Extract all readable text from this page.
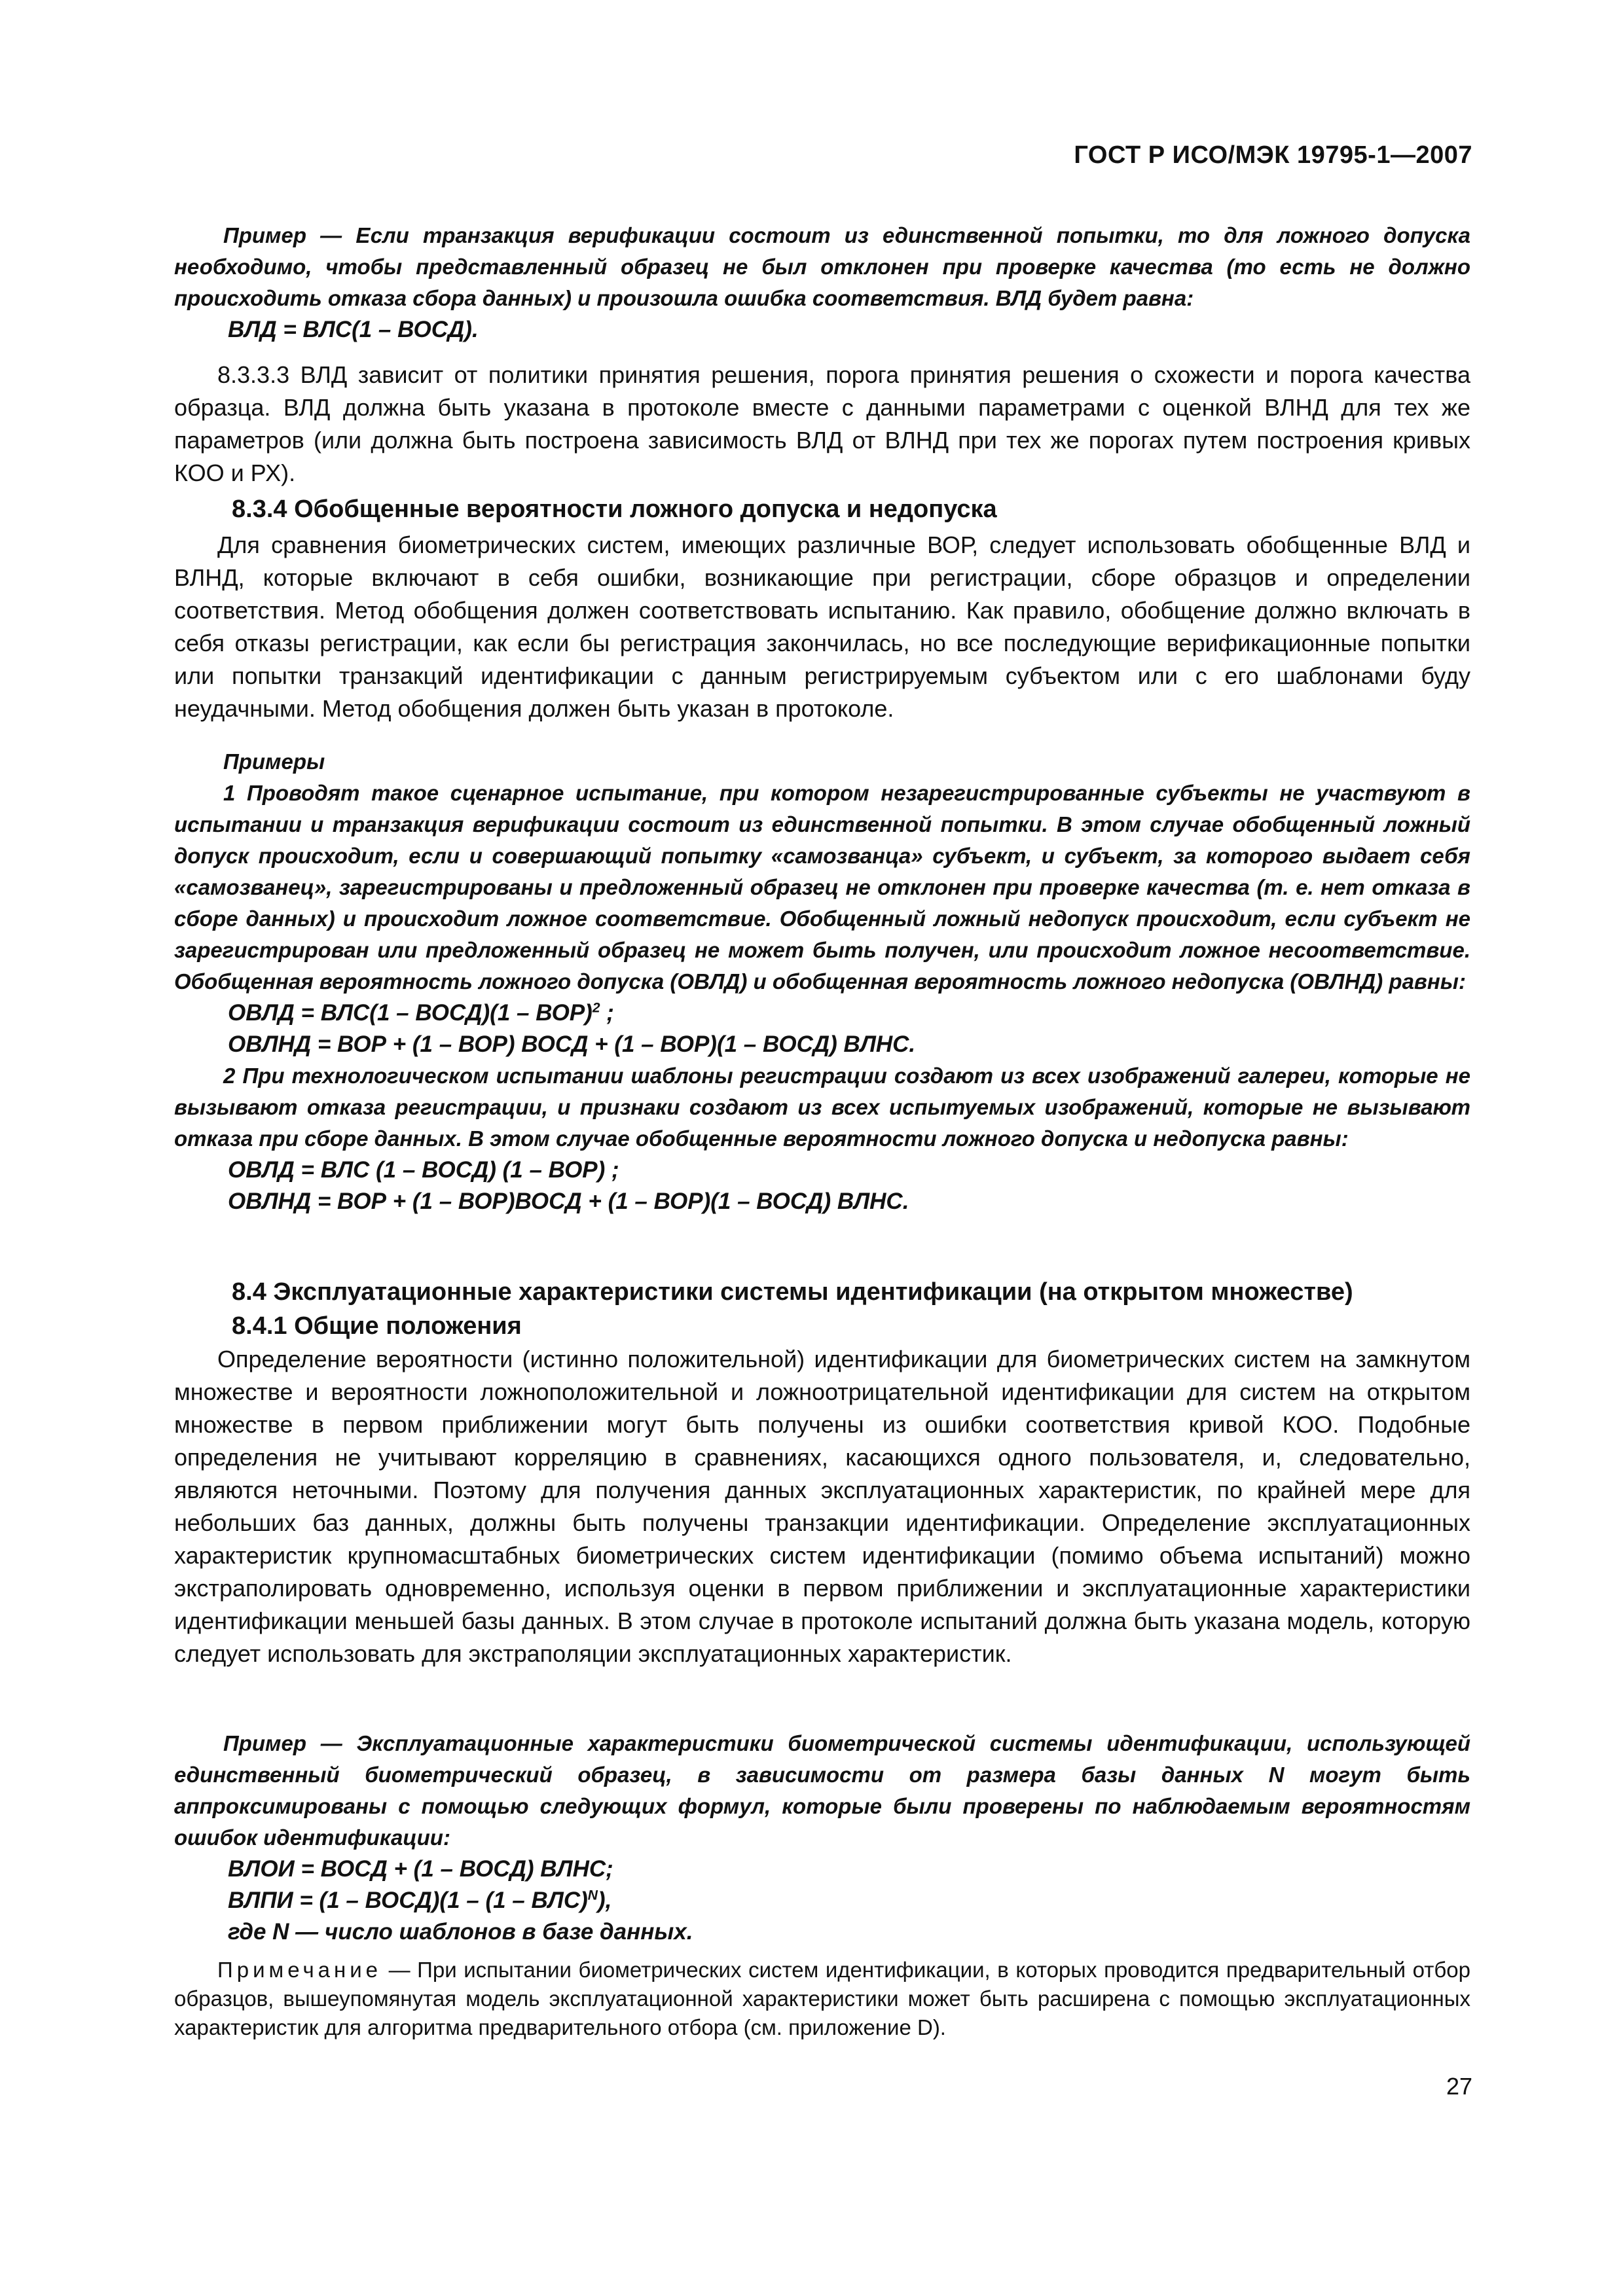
ГОСТ Р ИСО/МЭК 19795-1—2007

Пример — Если транзакция верификации состоит из единственной попытки, то для ложного допуска необходимо, чтобы представленный образец не был отклонен при проверке качества (то есть не должно происходить отказа сбора данных) и произошла ошибка соответствия. ВЛД будет равна:

ВЛД = ВЛС(1 – ВОСД).

8.3.3.3 ВЛД зависит от политики принятия решения, порога принятия решения о схожести и порога качества образца. ВЛД должна быть указана в протоколе вместе с данными параметрами с оценкой ВЛНД для тех же параметров (или должна быть построена зависимость ВЛД от ВЛНД при тех же порогах путем построения кривых КОО и РХ).

8.3.4 Обобщенные вероятности ложного допуска и недопуска

Для сравнения биометрических систем, имеющих различные ВОР, следует использовать обобщенные ВЛД и ВЛНД, которые включают в себя ошибки, возникающие при регистрации, сборе образцов и определении соответствия. Метод обобщения должен соответствовать испытанию. Как правило, обобщение должно включать в себя отказы регистрации, как если бы регистрация закончилась, но все последующие верификационные попытки или попытки транзакций идентификации с данным регистрируемым субъектом или с его шаблонами буду неудачными. Метод обобщения должен быть указан в протоколе.

Примеры

1 Проводят такое сценарное испытание, при котором незарегистрированные субъекты не участвуют в испытании и транзакция верификации состоит из единственной попытки. В этом случае обобщенный ложный допуск происходит, если и совершающий попытку «самозванца» субъект, и субъект, за которого выдает себя «самозванец», зарегистрированы и предложенный образец не отклонен при проверке качества (т. е. нет отказа в сборе данных) и происходит ложное соответствие. Обобщенный ложный недопуск происходит, если субъект не зарегистрирован или предложенный образец не может быть получен, или происходит ложное несоответствие. Обобщенная вероятность ложного допуска (ОВЛД) и обобщенная вероятность ложного недопуска (ОВЛНД) равны:

ОВЛД = ВЛС(1 – ВОСД)(1 – ВОР)$^2$ ;
ОВЛНД = ВОР + (1 – ВОР) ВОСД + (1 – ВОР)(1 – ВОСД) ВЛНС.

2 При технологическом испытании шаблоны регистрации создают из всех изображений галереи, которые не вызывают отказа регистрации, и признаки создают из всех испытуемых изображений, которые не вызывают отказа при сборе данных. В этом случае обобщенные вероятности ложного допуска и недопуска равны:

ОВЛД = ВЛС (1 – ВОСД) (1 – ВОР) ;
ОВЛНД = ВОР + (1 – ВОР)ВОСД + (1 – ВОР)(1 – ВОСД) ВЛНС.
8.4 Эксплуатационные характеристики системы идентификации (на открытом множестве)
8.4.1 Общие положения

Определение вероятности (истинно положительной) идентификации для биометрических систем на замкнутом множестве и вероятности ложноположительной и ложноотрицательной идентификации для систем на открытом множестве в первом приближении могут быть получены из ошибки соответствия кривой КОО. Подобные определения не учитывают корреляцию в сравнениях, касающихся одного пользователя, и, следовательно, являются неточными. Поэтому для получения данных эксплуатационных характеристик, по крайней мере для небольших баз данных, должны быть получены транзакции идентификации. Определение эксплуатационных характеристик крупномасштабных биометрических систем идентификации (помимо объема испытаний) можно экстраполировать одновременно, используя оценки в первом приближении и эксплуатационные характеристики идентификации меньшей базы данных. В этом случае в протоколе испытаний должна быть указана модель, которую следует использовать для экстраполяции эксплуатационных характеристик.

Пример — Эксплуатационные характеристики биометрической системы идентификации, использующей единственный биометрический образец, в зависимости от размера базы данных N могут быть аппроксимированы с помощью следующих формул, которые были проверены по наблюдаемым вероятностям ошибок идентификации:

ВЛОИ = ВОСД + (1 – ВОСД) ВЛНС;
ВЛПИ = (1 – ВОСД)(1 – (1 – ВЛС)$^N$),
где N — число шаблонов в базе данных.

Примечание — При испытании биометрических систем идентификации, в которых проводится предварительный отбор образцов, вышеупомянутая модель эксплуатационной характеристики может быть расширена с помощью эксплуатационных характеристик для алгоритма предварительного отбора (см. приложение D).

27
